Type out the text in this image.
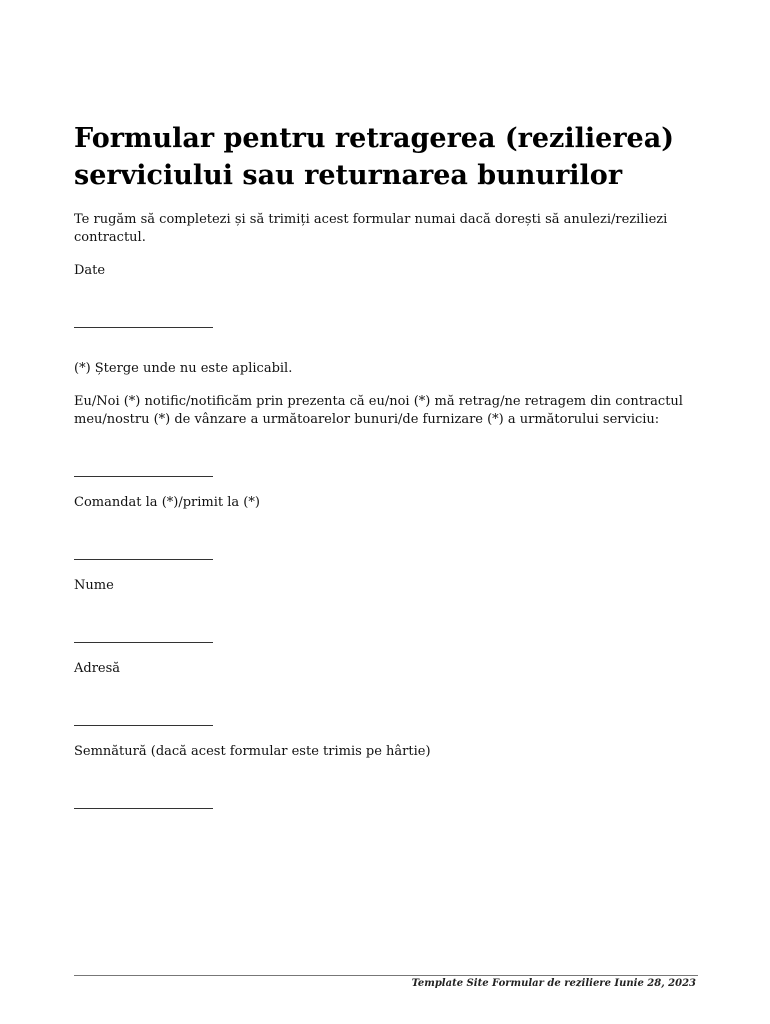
Formular pentru retragerea (rezilierea) serviciului sau returnarea bunurilor

Te rugăm să completezi și să trimiți acest formular numai dacă dorești să anulezi/reziliezi contractul.

Date

(*) Șterge unde nu este aplicabil.

Eu/Noi (*) notific/notificăm prin prezenta că eu/noi (*) mă retrag/ne retragem din contractul meu/nostru (*) de vânzare a următoarelor bunuri/de furnizare (*) a următorului serviciu:

Comandat la (*)/primit la (*)

Nume

Adresă

Semnătură (dacă acest formular este trimis pe hârtie)

Template Site Formular de reziliere Iunie 28, 2023
